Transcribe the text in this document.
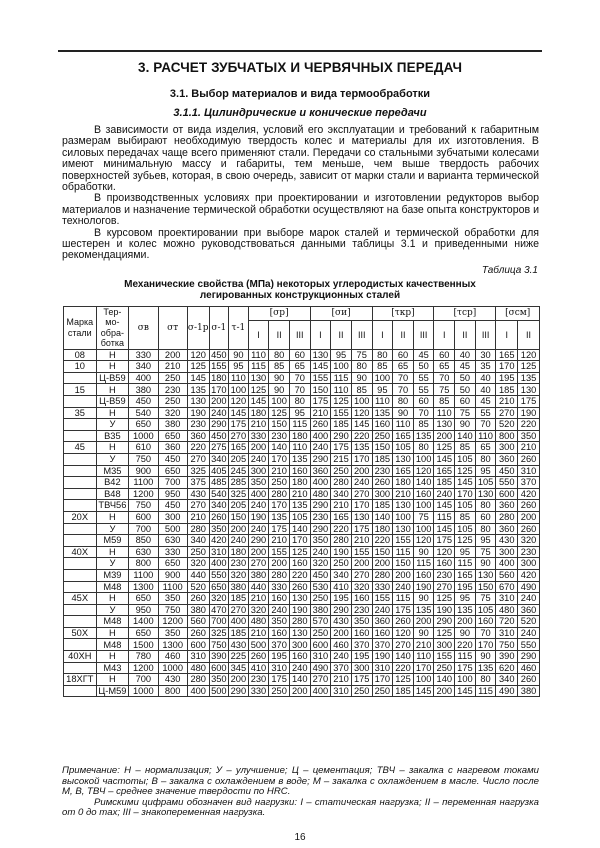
3. РАСЧЕТ ЗУБЧАТЫХ И ЧЕРВЯЧНЫХ ПЕРЕДАЧ
3.1. Выбор материалов и вида термообработки
3.1.1. Цилиндрические и конические передачи

В зависимости от вида изделия, условий его эксплуатации и требований к габаритным размерам выбирают необходимую твердость колес и материалы для их изготовления. В силовых передачах чаще всего применяют стали. Передачи со стальными зубчатыми колесами имеют минимальную массу и габариты, тем меньше, чем выше твердость рабочих поверхностей зубьев, которая, в свою очередь, зависит от марки стали и варианта термической обработки.

В производственных условиях при проектировании и изготовлении редукторов выбор материалов и назначение термической обработки осуществляют на базе опыта конструкторов и технологов.

В курсовом проектировании при выборе марок сталей и термической обработки для шестерен и колес можно руководствоваться данными таблицы 3.1 и приведенными ниже рекомендациями.

Таблица 3.1
Механические свойства (МПа) некоторых углеродистых качественных
легированных конструкционных сталей
Марка стали	Тер-мо-обра-ботка	σв	σт	σ-1р	σ-1	τ-1	[σр]			[σи]			[τкр]			[τср]			[σсм]	
							I	II	III	I	II	III	I	II	III	I	II	III	I	II
08	Н	330	200	120	450	90	110	80	60	130	95	75	80	60	45	60	40	30	165	120
10	Н	340	210	125	155	95	115	85	65	145	100	80	85	65	50	65	45	35	170	125
	Ц-В59	400	250	145	180	110	130	90	70	155	115	90	100	70	55	70	50	40	195	135
15	Н	380	230	135	170	100	125	90	70	150	110	85	95	70	55	75	50	40	185	130
	Ц-В59	450	250	130	200	120	145	100	80	175	125	100	110	80	60	85	60	45	210	175
35	Н	540	320	190	240	145	180	125	95	210	155	120	135	90	70	110	75	55	270	190
	У	650	380	230	290	175	210	150	115	260	185	145	160	110	85	130	90	70	520	220
	В35	1000	650	360	450	270	330	230	180	400	290	220	250	165	135	200	140	110	800	350
45	Н	610	360	220	275	165	200	140	110	240	175	135	150	105	80	125	85	65	300	210
	У	750	450	270	340	205	240	170	135	290	215	170	185	130	100	145	105	80	360	260
	М35	900	650	325	405	245	300	210	160	360	250	200	230	165	120	165	125	95	450	310
	В42	1100	700	375	485	285	350	250	180	400	280	240	260	180	140	185	145	105	550	370
	В48	1200	950	430	540	325	400	280	210	480	340	270	300	210	160	240	170	130	600	420
	ТВЧ56	750	450	270	340	205	240	170	135	290	210	170	185	130	100	145	105	80	360	260
20Х	Н	600	300	210	260	150	190	135	105	230	165	130	140	100	75	115	85	60	280	200
	У	700	500	280	350	200	240	175	140	290	220	175	180	130	100	145	105	80	360	260
	М59	850	630	340	420	240	290	210	170	350	280	210	220	155	120	175	125	95	430	320
40Х	Н	630	330	250	310	180	200	155	125	240	190	155	150	115	90	120	95	75	300	230
	У	800	650	320	400	230	270	200	160	320	250	200	200	150	115	160	115	90	400	300
	М39	1100	900	440	550	320	380	280	220	450	340	270	280	200	160	230	165	130	560	420
	М48	1300	1100	520	650	380	440	330	260	530	410	320	330	240	190	270	195	150	670	490
45Х	Н	650	350	260	320	185	210	160	130	250	195	160	155	115	90	125	95	75	310	240
	У	950	750	380	470	270	320	240	190	380	290	230	240	175	135	190	135	105	480	360
	М48	1400	1200	560	700	400	480	350	280	570	430	350	360	260	200	290	200	160	720	520
50Х	Н	650	350	260	325	185	210	160	130	250	200	160	160	120	90	125	90	70	310	240
	М48	1500	1300	600	750	430	500	370	300	600	460	370	370	270	210	300	220	170	750	550
40ХН	Н	780	460	310	390	225	260	195	160	310	240	195	190	140	110	155	115	90	390	290
	М43	1200	1000	480	600	345	410	310	240	490	370	300	310	220	170	250	175	135	620	460
18ХГТ	Н	700	430	280	350	200	230	175	140	270	210	175	170	125	100	140	100	80	340	260
	Ц-М59	1000	800	400	500	290	330	250	200	400	310	250	250	185	145	200	145	115	490	380

Примечание: Н – нормализация; У – улучшение; Ц – цементация; ТВЧ – закалка с нагревом токами высокой частоты; В – закалка с охлаждением в воде; М – закалка с охлаждением в масле. Число после М, В, ТВЧ – среднее значение твердости по HRC.

Римскими цифрами обозначен вид нагрузки: I – статическая нагрузка; II – переменная нагрузка от 0 до max; III – знакопеременная нагрузка.

16
